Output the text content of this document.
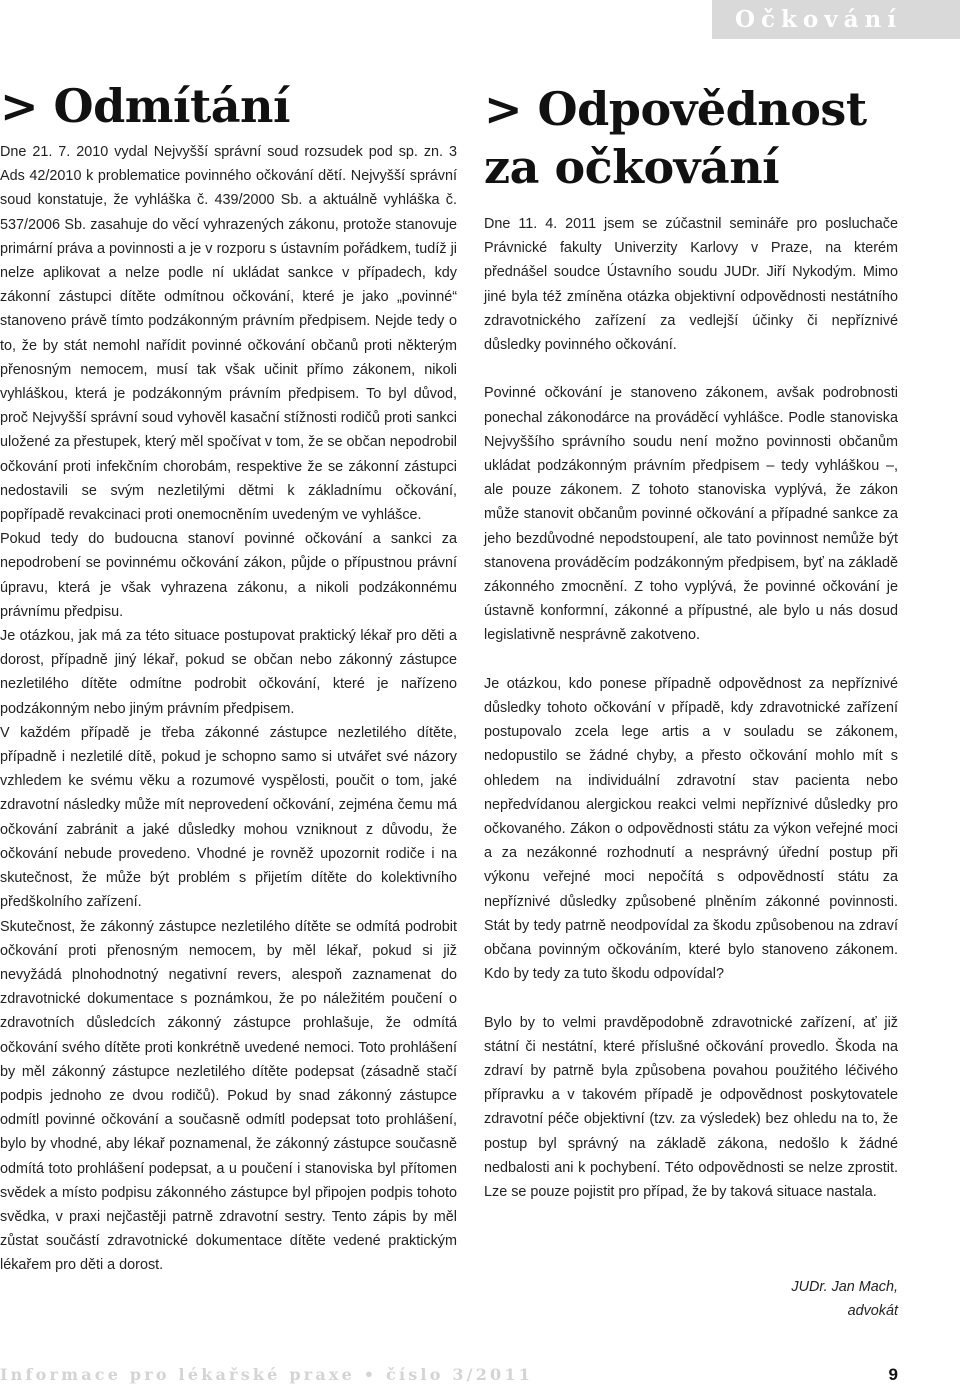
Očkování
> Odmítání

Dne 21. 7. 2010 vydal Nejvyšší správní soud rozsudek pod sp. zn. 3 Ads 42/2010 k problematice povinného očkování dětí. Nejvyšší správní soud konstatuje, že vyhláška č. 439/2000 Sb. a aktuálně vyhláška č. 537/2006 Sb. zasahuje do věcí vyhrazených zákonu, protože stanovuje primární práva a povinnosti a je v rozporu s ústavním pořádkem, tudíž ji nelze aplikovat a nelze podle ní ukládat sankce v případech, kdy zákonní zástupci dítěte odmítnou očkování, které je jako „povinné“ stanoveno právě tímto podzákonným právním předpisem. Nejde tedy o to, že by stát nemohl nařídit povinné očkování občanů proti některým přenosným nemocem, musí tak však učinit přímo zákonem, nikoli vyhláškou, která je podzákonným právním předpisem. To byl důvod, proč Nejvyšší správní soud vyhověl kasační stížnosti rodičů proti sankci uložené za přestupek, který měl spočívat v tom, že se občan nepodrobil očkování proti infekčním chorobám, respektive že se zákonní zástupci nedostavili se svým nezletilými dětmi k základnímu očkování, popřípadě revakcinaci proti onemocněním uvedeným ve vyhlášce.

Pokud tedy do budoucna stanoví povinné očkování a sankci za nepodrobení se povinnému očkování zákon, půjde o přípustnou právní úpravu, která je však vyhrazena zákonu, a nikoli podzákonnému právnímu předpisu.

Je otázkou, jak má za této situace postupovat praktický lékař pro děti a dorost, případně jiný lékař, pokud se občan nebo zákonný zástupce nezletilého dítěte odmítne podrobit očkování, které je nařízeno podzákonným nebo jiným právním předpisem.

V každém případě je třeba zákonné zástupce nezletilého dítěte, případně i nezletilé dítě, pokud je schopno samo si utvářet své názory vzhledem ke svému věku a rozumové vyspělosti, poučit o tom, jaké zdravotní následky může mít neprovedení očkování, zejména čemu má očkování zabránit a jaké důsledky mohou vzniknout z důvodu, že očkování nebude provedeno. Vhodné je rovněž upozornit rodiče i na skutečnost, že může být problém s přijetím dítěte do kolektivního předškolního zařízení.

Skutečnost, že zákonný zástupce nezletilého dítěte se odmítá podrobit očkování proti přenosným nemocem, by měl lékař, pokud si již nevyžádá plnohodnotný negativní revers, alespoň zaznamenat do zdravotnické dokumentace s poznámkou, že po náležitém poučení o zdravotních důsledcích zákonný zástupce prohlašuje, že odmítá očkování svého dítěte proti konkrétně uvedené nemoci. Toto prohlášení by měl zákonný zástupce nezletilého dítěte podepsat (zásadně stačí podpis jednoho ze dvou rodičů). Pokud by snad zákonný zástupce odmítl povinné očkování a současně odmítl podepsat toto prohlášení, bylo by vhodné, aby lékař poznamenal, že zákonný zástupce současně odmítá toto prohlášení podepsat, a u poučení i stanoviska byl přítomen svědek a místo podpisu zákonného zástupce byl připojen podpis tohoto svědka, v praxi nejčastěji patrně zdravotní sestry. Tento zápis by měl zůstat součástí zdravotnické dokumentace dítěte vedené praktickým lékařem pro děti a dorost.

> Odpovědnost
za očkování

Dne 11. 4. 2011 jsem se zúčastnil semináře pro posluchače Právnické fakulty Univerzity Karlovy v Praze, na kterém přednášel soudce Ústavního soudu JUDr. Jiří Nykodým. Mimo jiné byla též zmíněna otázka objektivní odpovědnosti nestátního zdravotnického zařízení za vedlejší účinky či nepříznivé důsledky povinného očkování.

Povinné očkování je stanoveno zákonem, avšak podrobnosti ponechal zákonodárce na prováděcí vyhlášce. Podle stanoviska Nejvyššího správního soudu není možno povinnosti občanům ukládat podzákonným právním předpisem – tedy vyhláškou –, ale pouze zákonem. Z tohoto stanoviska vyplývá, že zákon může stanovit občanům povinné očkování a případné sankce za jeho bezdůvodné nepodstoupení, ale tato povinnost nemůže být stanovena prováděcím podzákonným předpisem, byť na základě zákonného zmocnění. Z toho vyplývá, že povinné očkování je ústavně konformní, zákonné a přípustné, ale bylo u nás dosud legislativně nesprávně zakotveno.

Je otázkou, kdo ponese případně odpovědnost za nepříznivé důsledky tohoto očkování v případě, kdy zdravotnické zařízení postupovalo zcela lege artis a v souladu se zákonem, nedopustilo se žádné chyby, a přesto očkování mohlo mít s ohledem na individuální zdravotní stav pacienta nebo nepředvídanou alergickou reakci velmi nepříznivé důsledky pro očkovaného. Zákon o odpovědnosti státu za výkon veřejné moci a za nezákonné rozhodnutí a nesprávný úřední postup při výkonu veřejné moci nepočítá s odpovědností státu za nepříznivé důsledky způsobené plněním zákonné povinnosti. Stát by tedy patrně neodpovídal za škodu způsobenou na zdraví občana povinným očkováním, které bylo stanoveno zákonem. Kdo by tedy za tuto škodu odpovídal?

Bylo by to velmi pravděpodobně zdravotnické zařízení, ať již státní či nestátní, které příslušné očkování provedlo. Škoda na zdraví by patrně byla způsobena povahou použitého léčivého přípravku a v takovém případě je odpovědnost poskytovatele zdravotní péče objektivní (tzv. za výsledek) bez ohledu na to, že postup byl správný na základě zákona, nedošlo k žádné nedbalosti ani k pochybení. Této odpovědnosti se nelze zprostit. Lze se pouze pojistit pro případ, že by taková situace nastala.

JUDr. Jan Mach,
advokát
Informace pro lékařské praxe • číslo 3/2011	9
